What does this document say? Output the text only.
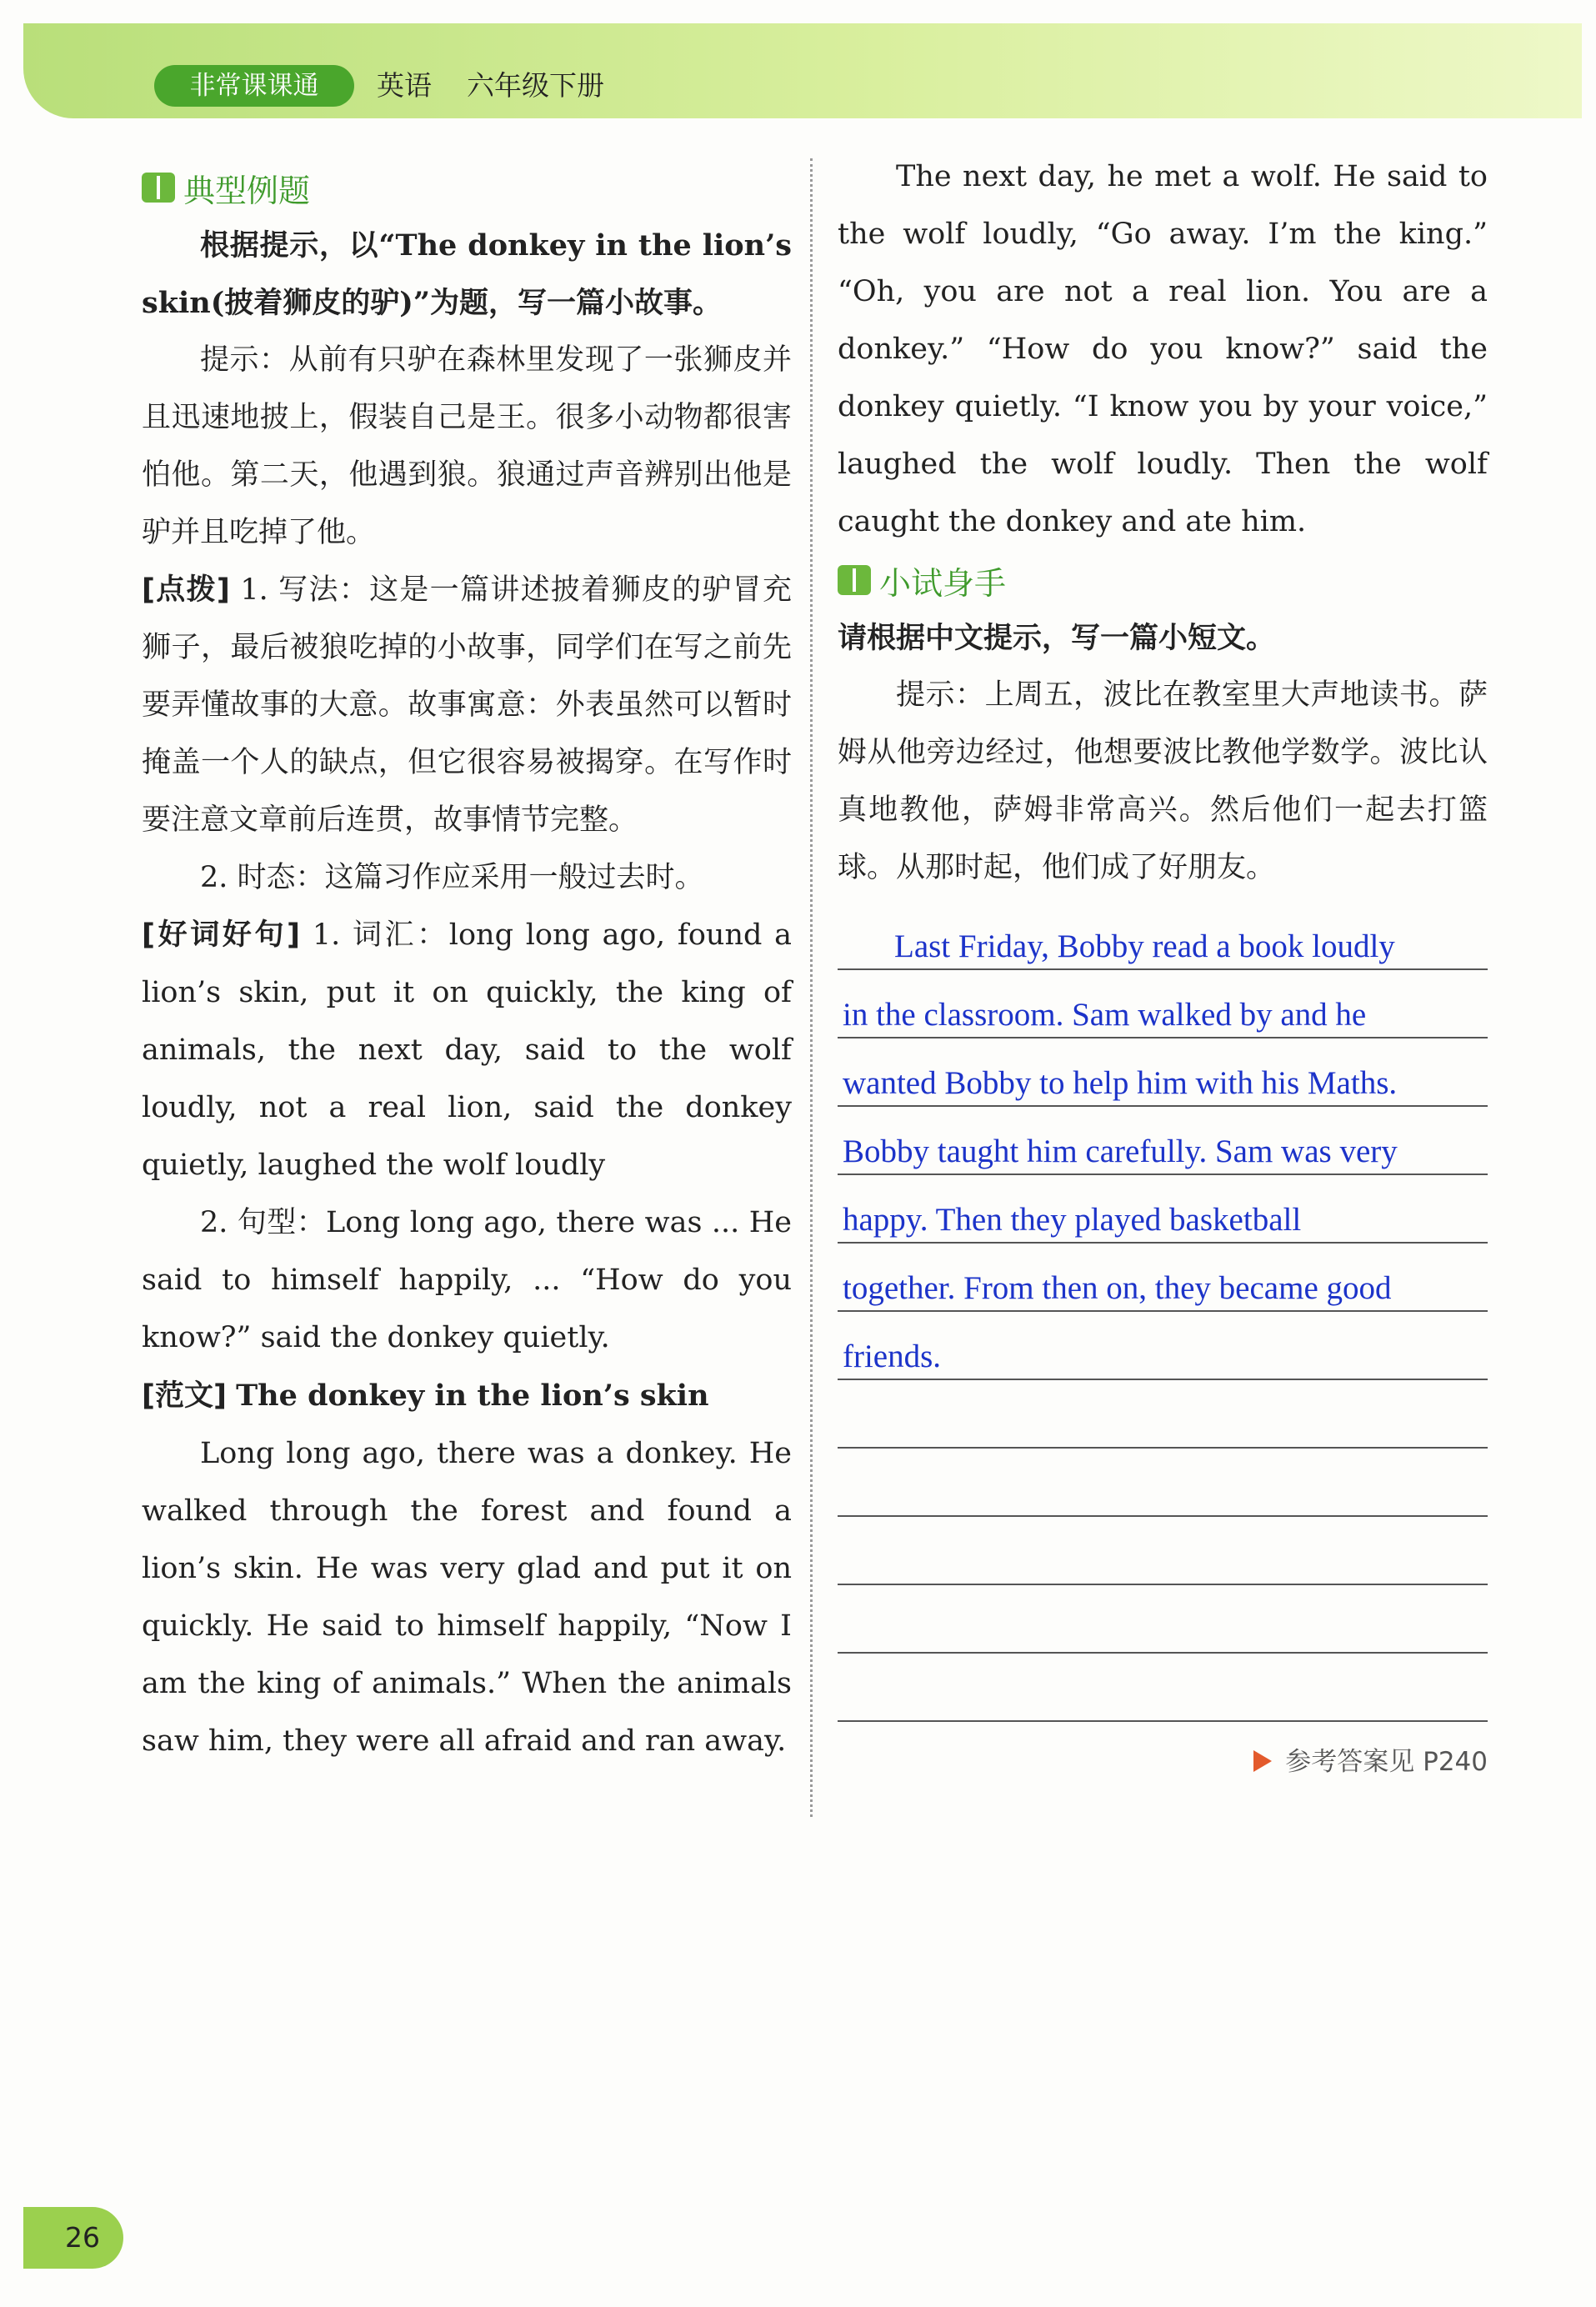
非常课课通	英语 六年级下册
典型例题

根据提示，以“The donkey in the lion’s skin(披着狮皮的驴)”为题，写一篇小故事。

提示：从前有只驴在森林里发现了一张狮皮并且迅速地披上，假装自己是王。很多小动物都很害怕他。第二天，他遇到狼。狼通过声音辨别出他是驴并且吃掉了他。

[点拨] 1. 写法：这是一篇讲述披着狮皮的驴冒充狮子，最后被狼吃掉的小故事，同学们在写之前先要弄懂故事的大意。故事寓意：外表虽然可以暂时掩盖一个人的缺点，但它很容易被揭穿。在写作时要注意文章前后连贯，故事情节完整。

2. 时态：这篇习作应采用一般过去时。

[好词好句] 1. 词汇：long long ago, found a lion’s skin, put it on quickly, the king of animals, the next day, said to the wolf loudly, not a real lion, said the donkey quietly, laughed the wolf loudly

2. 句型：Long long ago, there was ... He said to himself happily, ... “How do you know?” said the donkey quietly.

[范文] The donkey in the lion’s skin

Long long ago, there was a donkey. He walked through the forest and found a lion’s skin. He was very glad and put it on quickly. He said to himself happily, “Now I am the king of animals.” When the animals saw him, they were all afraid and ran away.

The next day, he met a wolf. He said to the wolf loudly, “Go away. I’m the king.” “Oh, you are not a real lion. You are a donkey.” “How do you know?” said the donkey quietly. “I know you by your voice,” laughed the wolf loudly. Then the wolf caught the donkey and ate him.

小试身手

请根据中文提示，写一篇小短文。

提示：上周五，波比在教室里大声地读书。萨姆从他旁边经过，他想要波比教他学数学。波比认真地教他，萨姆非常高兴。然后他们一起去打篮球。从那时起，他们成了好朋友。

Last Friday, Bobby read a book loudly
in the classroom. Sam walked by and he
wanted Bobby to help him with his Maths.
Bobby taught him carefully. Sam was very
happy. Then they played basketball
together. From then on, they became good
friends.
参考答案见 P240
26
